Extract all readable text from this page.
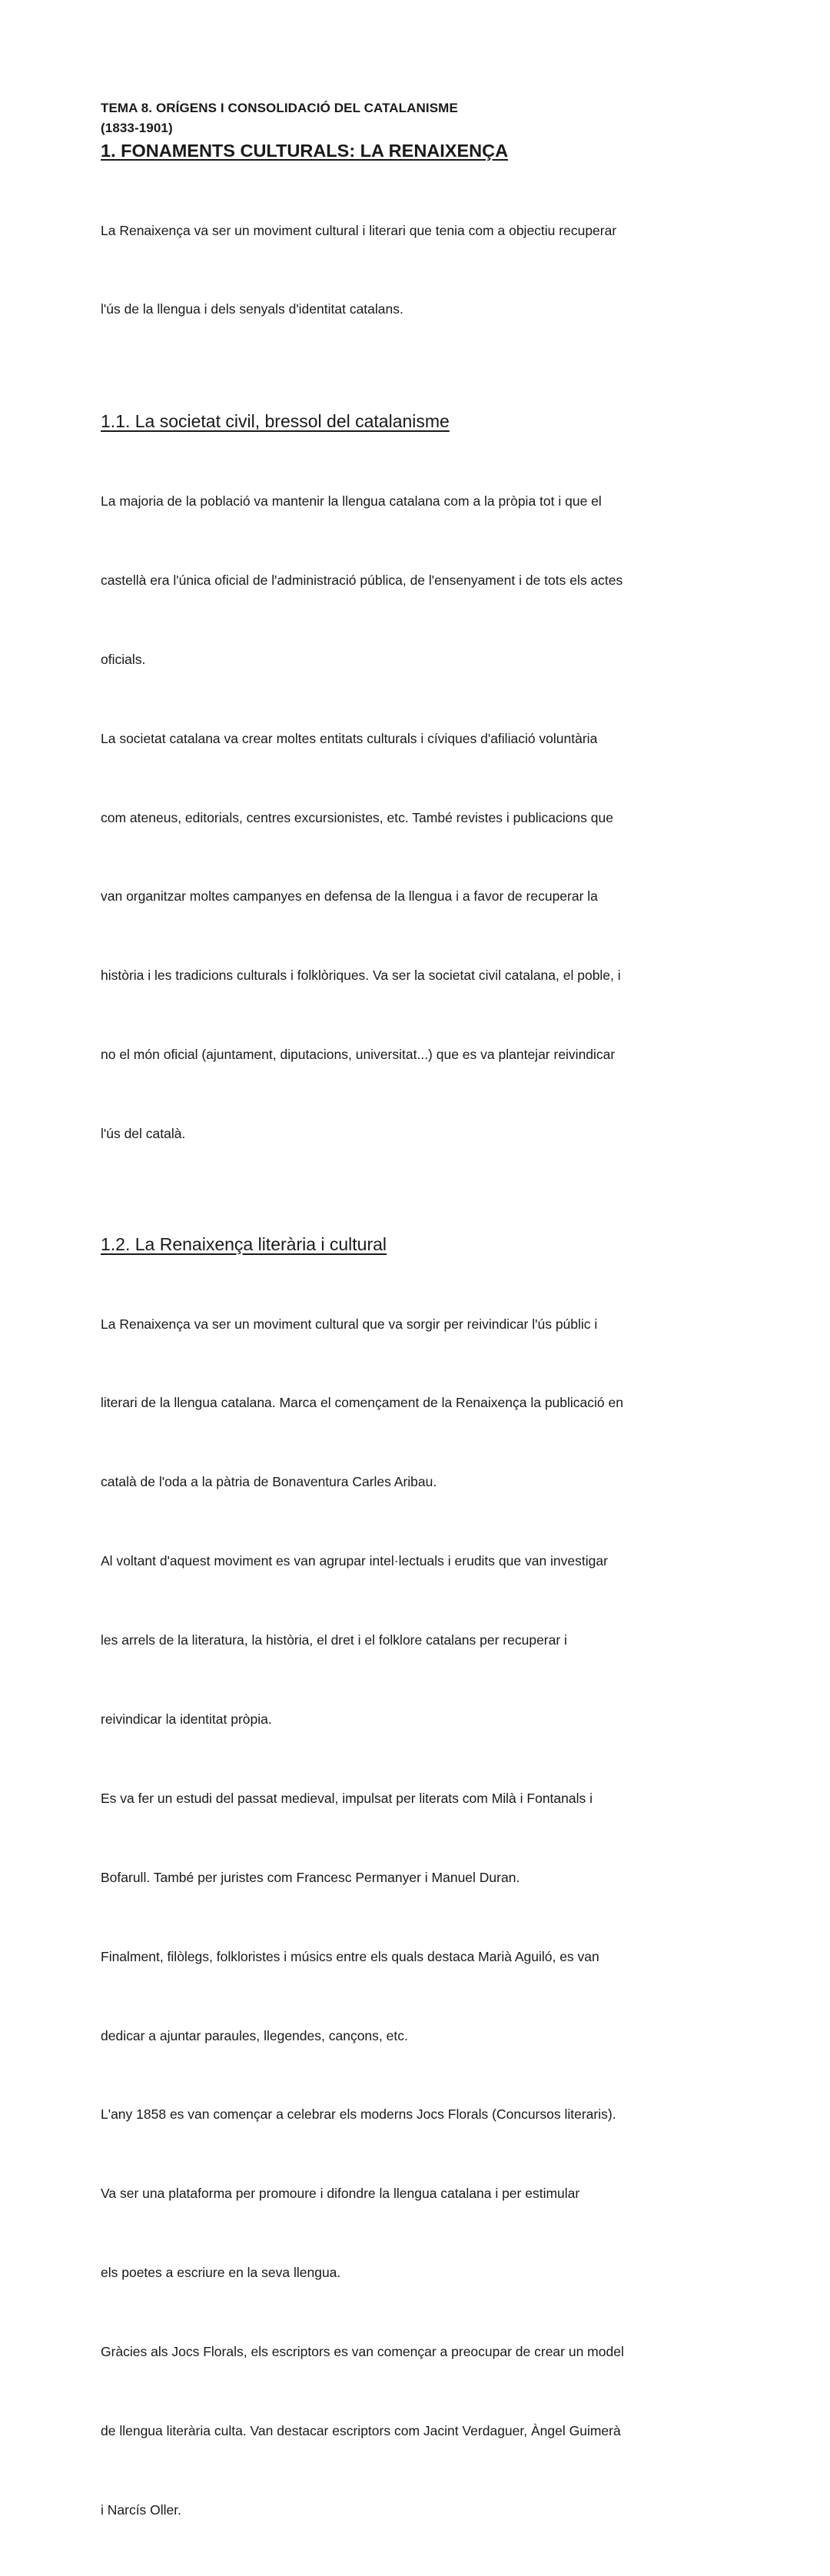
TEMA 8. ORÍGENS I CONSOLIDACIÓ DEL CATALANISME
(1833-1901)
1. FONAMENTS CULTURALS: LA RENAIXENÇA

La Renaixença va ser un moviment cultural i literari que tenia com a objectiu recuperar

l'ús de la llengua i dels senyals d'identitat catalans.

1.1. La societat civil, bressol del catalanisme

La majoria de la població va mantenir la llengua catalana com a la pròpia tot i que el

castellà era l'única oficial de l'administració pública, de l'ensenyament i de tots els actes

oficials.

La societat catalana va crear moltes entitats culturals i cíviques d'afiliació voluntària

com ateneus, editorials, centres excursionistes, etc. També revistes i publicacions que

van organitzar moltes campanyes en defensa de la llengua i a favor de recuperar la

història i les tradicions culturals i folklòriques. Va ser la societat civil catalana, el poble, i

no el món oficial (ajuntament, diputacions, universitat...) que es va plantejar reivindicar

l'ús del català.

1.2. La Renaixença literària i cultural

La Renaixença va ser un moviment cultural que va sorgir per reivindicar l'ús públic i

literari de la llengua catalana. Marca el començament de la Renaixença la publicació en

català de l'oda a la pàtria de Bonaventura Carles Aribau.

Al voltant d'aquest moviment es van agrupar intel·lectuals i erudits que van investigar

les arrels de la literatura, la història, el dret i el folklore catalans per recuperar i

reivindicar la identitat pròpia.

Es va fer un estudi del passat medieval, impulsat per literats com Milà i Fontanals i

Bofarull. També per juristes com Francesc Permanyer i Manuel Duran.

Finalment, filòlegs, folkloristes i músics entre els quals destaca Marià Aguiló, es van

dedicar a ajuntar paraules, llegendes, cançons, etc.

L'any 1858 es van començar a celebrar els moderns Jocs Florals (Concursos literaris).

Va ser una plataforma per promoure i difondre la llengua catalana i per estimular

els poetes a escriure en la seva llengua.

Gràcies als Jocs Florals, els escriptors es van començar a preocupar de crear un model

de llengua literària culta. Van destacar escriptors com Jacint Verdaguer, Àngel Guimerà

i Narcís Oller.
